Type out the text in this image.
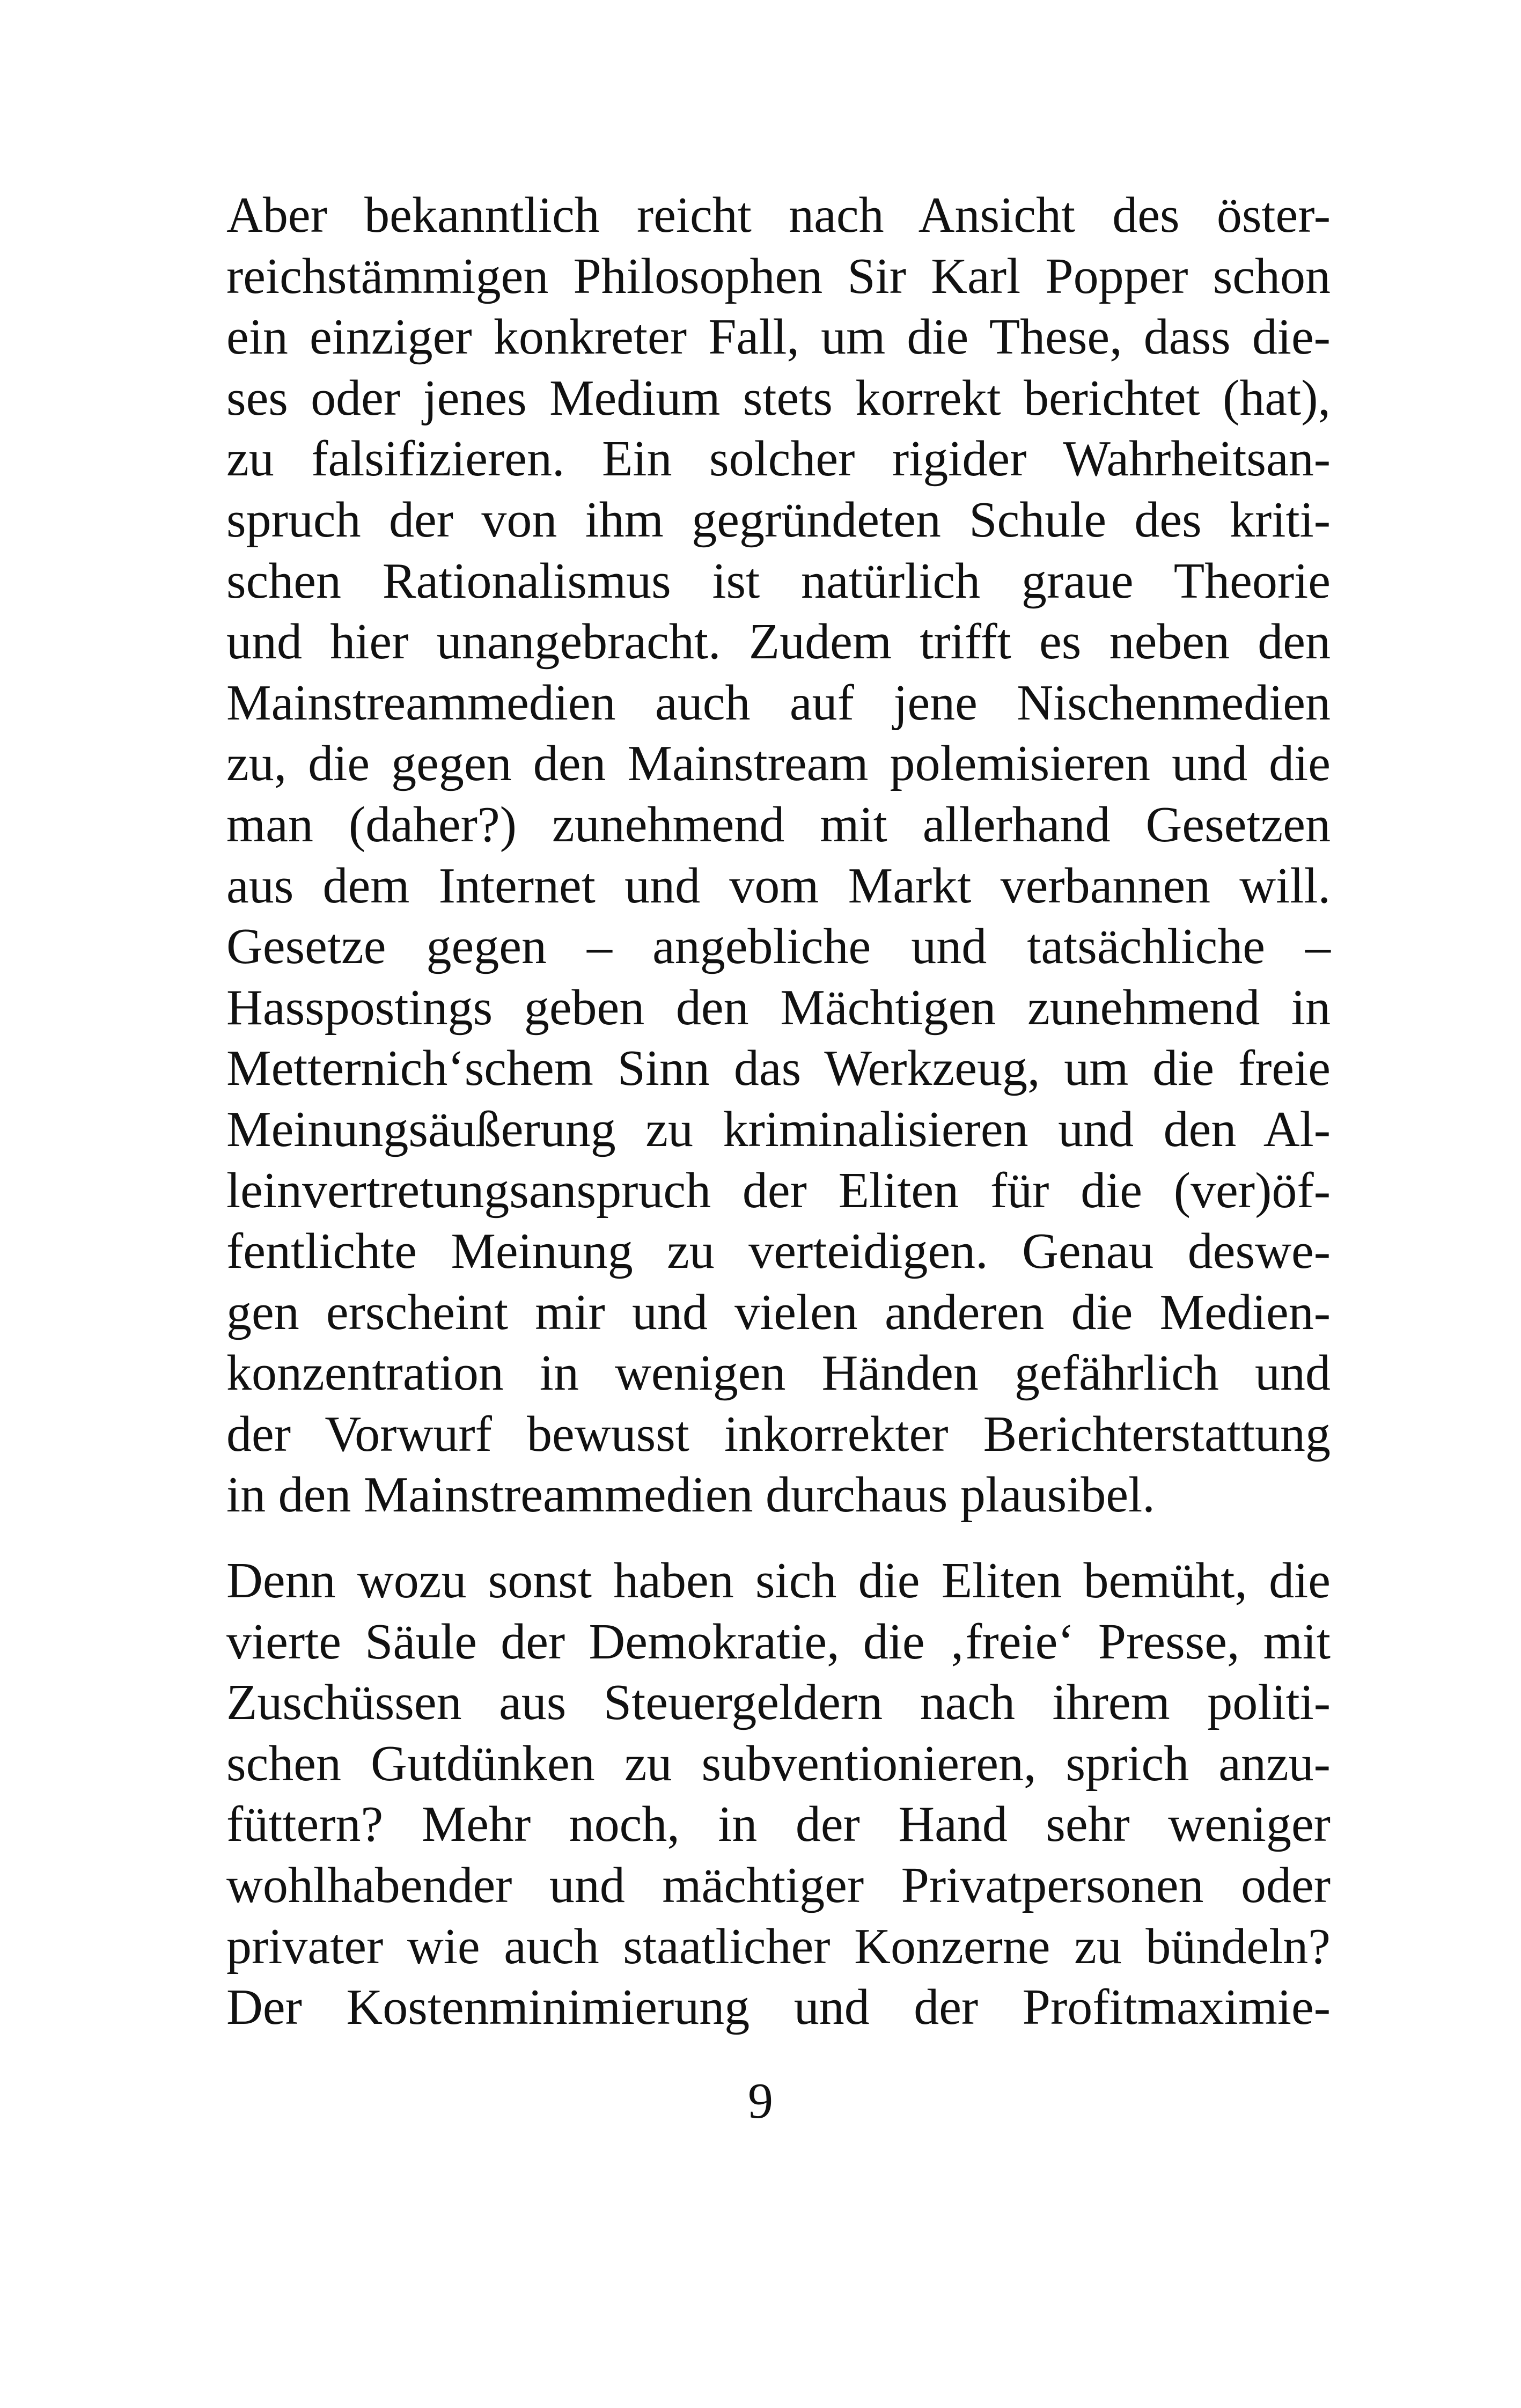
Aber bekanntlich reicht nach Ansicht des öster-
reichstämmigen Philosophen Sir Karl Popper schon
ein einziger konkreter Fall, um die These, dass die-
ses oder jenes Medium stets korrekt berichtet (hat),
zu falsifizieren. Ein solcher rigider Wahrheitsan-
spruch der von ihm gegründeten Schule des kriti-
schen Rationalismus ist natürlich graue Theorie
und hier unangebracht. Zudem trifft es neben den
Mainstreammedien auch auf jene Nischenmedien
zu, die gegen den Mainstream polemisieren und die
man (daher?) zunehmend mit allerhand Gesetzen
aus dem Internet und vom Markt verbannen will.
Gesetze gegen – angebliche und tatsächliche –
Hasspostings geben den Mächtigen zunehmend in
Metternich‘schem Sinn das Werkzeug, um die freie
Meinungsäußerung zu kriminalisieren und den Al-
leinvertretungsanspruch der Eliten für die (ver)öf-
fentlichte Meinung zu verteidigen. Genau deswe-
gen erscheint mir und vielen anderen die Medien-
konzentration in wenigen Händen gefährlich und
der Vorwurf bewusst inkorrekter Berichterstattung
in den Mainstreammedien durchaus plausibel.
Denn wozu sonst haben sich die Eliten bemüht, die
vierte Säule der Demokratie, die ‚freie‘ Presse, mit
Zuschüssen aus Steuergeldern nach ihrem politi-
schen Gutdünken zu subventionieren, sprich anzu-
füttern? Mehr noch, in der Hand sehr weniger
wohlhabender und mächtiger Privatpersonen oder
privater wie auch staatlicher Konzerne zu bündeln?
Der Kostenminimierung und der Profitmaximie-
9
